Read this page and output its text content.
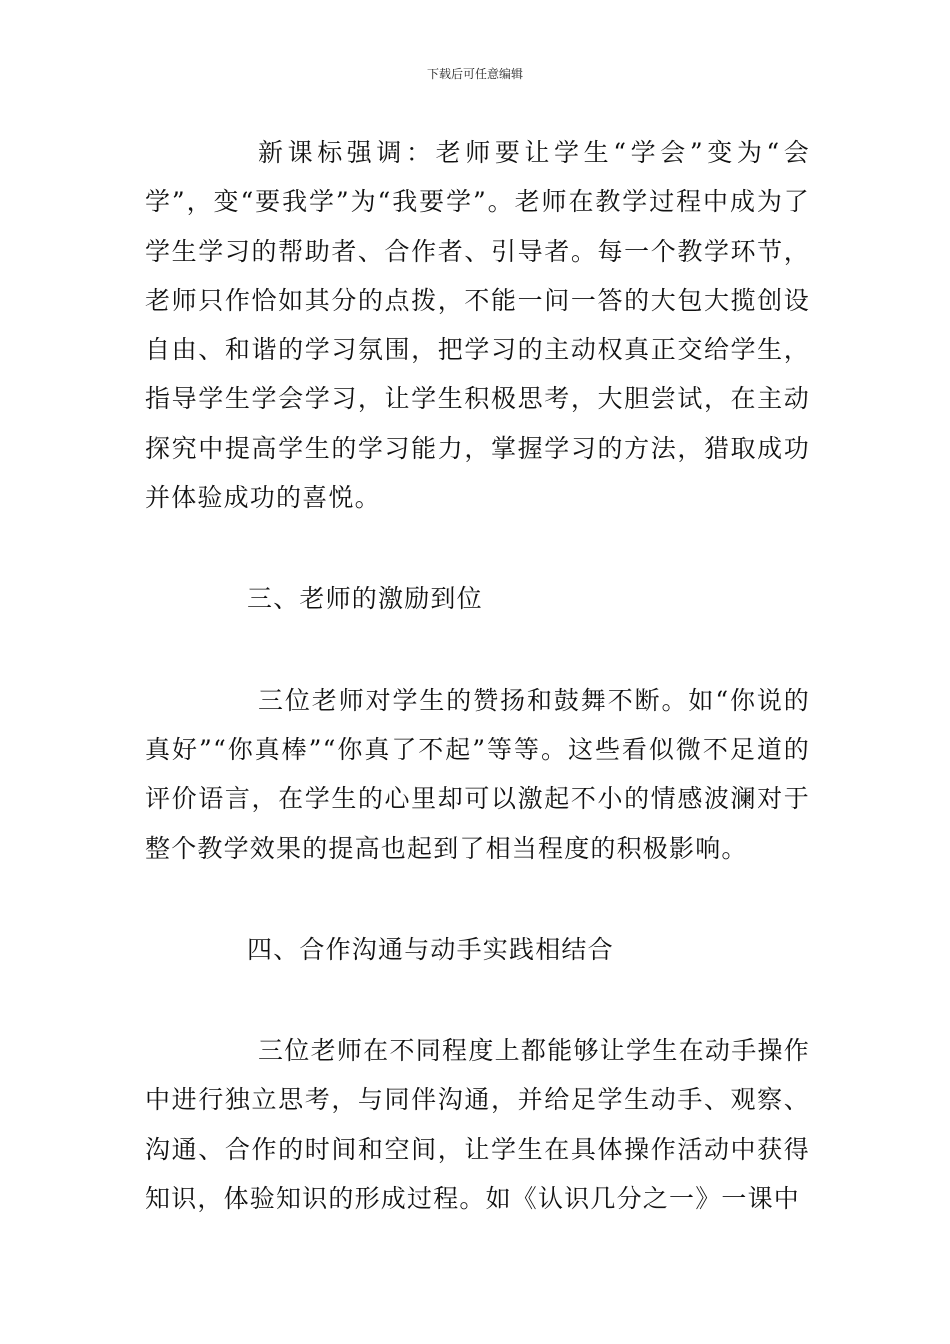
下载后可任意编辑

新课标强调：老师要让学生“学会”变为“会学”，变“要我学”为“我要学”。老师在教学过程中成为了学生学习的帮助者、合作者、引导者。每一个教学环节，老师只作恰如其分的点拨，不能一问一答的大包大揽创设自由、和谐的学习氛围，把学习的主动权真正交给学生，指导学生学会学习，让学生积极思考，大胆尝试，在主动探究中提高学生的学习能力，掌握学习的方法，猎取成功并体验成功的喜悦。

三、老师的激励到位

三位老师对学生的赞扬和鼓舞不断。如“你说的真好”“你真棒”“你真了不起”等等。这些看似微不足道的评价语言，在学生的心里却可以激起不小的情感波澜对于整个教学效果的提高也起到了相当程度的积极影响。

四、合作沟通与动手实践相结合

三位老师在不同程度上都能够让学生在动手操作中进行独立思考，与同伴沟通，并给足学生动手、观察、沟通、合作的时间和空间，让学生在具体操作活动中获得知识，体验知识的形成过程。如《认识几分之一》一课中
